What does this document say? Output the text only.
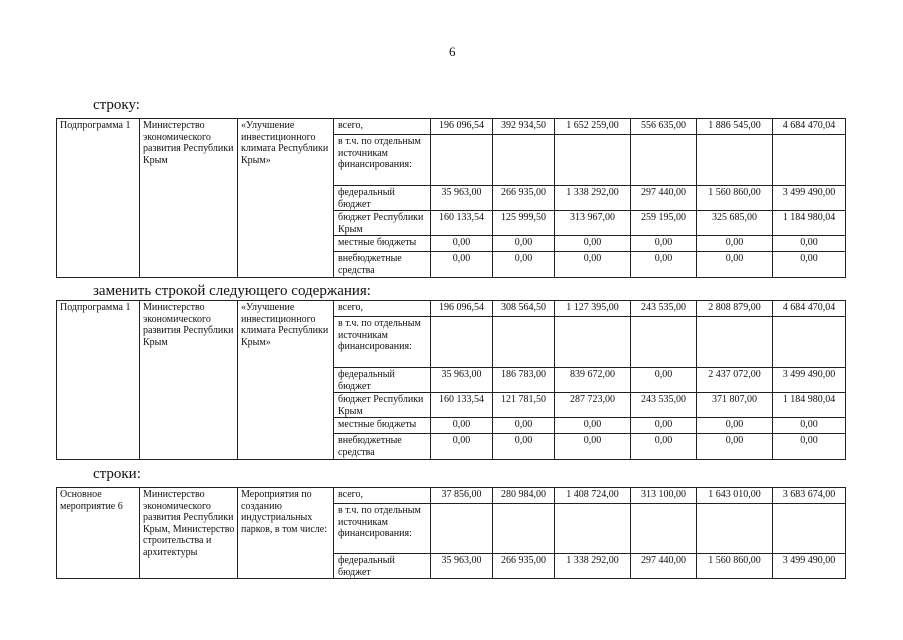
6
строку:
Подпрограмма 1	Министерство экономического развития Республики Крым	«Улучшение инвестиционного климата Республики Крым»	всего,	196 096,54	392 934,50	1 652 259,00	556 635,00	1 886 545,00	4 684 470,04
			в т.ч. по отдельным источникам финансирования:						
			федеральный бюджет	35 963,00	266 935,00	1 338 292,00	297 440,00	1 560 860,00	3 499 490,00
			бюджет Республики Крым	160 133,54	125 999,50	313 967,00	259 195,00	325 685,00	1 184 980,04
			местные бюджеты	0,00	0,00	0,00	0,00	0,00	0,00
			внебюджетные средства	0,00	0,00	0,00	0,00	0,00	0,00
заменить строкой следующего содержания:
Подпрограмма 1	Министерство экономического развития Республики Крым	«Улучшение инвестиционного климата Республики Крым»	всего,	196 096,54	308 564,50	1 127 395,00	243 535,00	2 808 879,00	4 684 470,04
			в т.ч. по отдельным источникам финансирования:						
			федеральный бюджет	35 963,00	186 783,00	839 672,00	0,00	2 437 072,00	3 499 490,00
			бюджет Республики Крым	160 133,54	121 781,50	287 723,00	243 535,00	371 807,00	1 184 980,04
			местные бюджеты	0,00	0,00	0,00	0,00	0,00	0,00
			внебюджетные средства	0,00	0,00	0,00	0,00	0,00	0,00
строки:
Основное мероприятие 6	Министерство экономического развития Республики Крым, Министерство строительства и архитектуры	Мероприятия по созданию индустриальных парков, в том числе:	всего,	37 856,00	280 984,00	1 408 724,00	313 100,00	1 643 010,00	3 683 674,00
			в т.ч. по отдельным источникам финансирования:						
			федеральный бюджет	35 963,00	266 935,00	1 338 292,00	297 440,00	1 560 860,00	3 499 490,00
